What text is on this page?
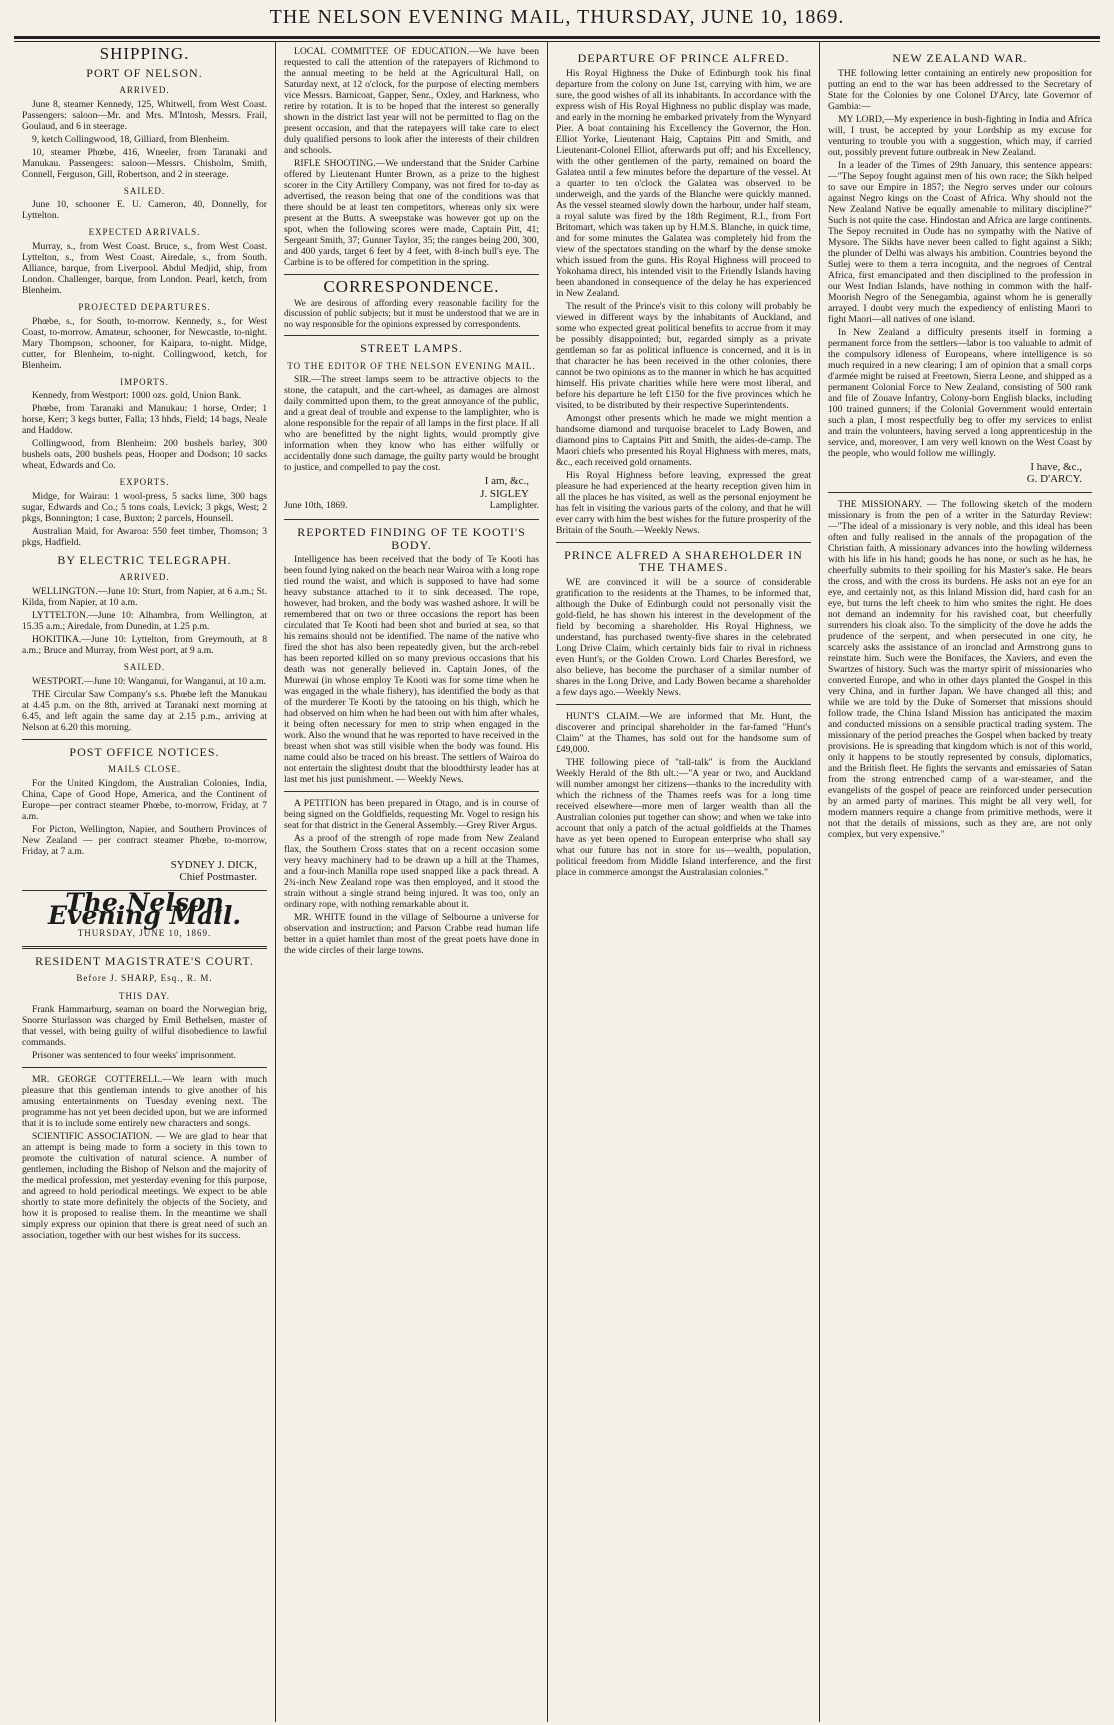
THE NELSON EVENING MAIL, THURSDAY, JUNE 10, 1869.
SHIPPING.
PORT OF NELSON.
ARRIVED.

June 8, steamer Kennedy, 125, Whitwell, from West Coast. Passengers: saloon—Mr. and Mrs. M'Intosh, Messrs. Frail, Goulaud, and 6 in steerage.

9, ketch Collingwood, 18, Gilliard, from Blenheim.

10, steamer Phœbe, 416, Wneeler, from Taranaki and Manukau. Passengers: saloon—Messrs. Chisholm, Smith, Connell, Ferguson, Gill, Robertson, and 2 in steerage.

SAILED.

June 10, schooner E. U. Cameron, 40, Donnelly, for Lyttelton.

EXPECTED ARRIVALS.

Murray, s., from West Coast. Bruce, s., from West Coast. Lyttelton, s., from West Coast. Airedale, s., from South. Alliance, barque, from Liverpool. Abdul Medjid, ship, from London. Challenger, barque, from London. Pearl, ketch, from Blenheim.

PROJECTED DEPARTURES.

Phœbe, s., for South, to-morrow. Kennedy, s., for West Coast, to-morrow. Amateur, schooner, for Newcastle, to-night. Mary Thompson, schooner, for Kaipara, to-night. Midge, cutter, for Blenheim, to-night. Collingwood, ketch, for Blenheim.

IMPORTS.

Kennedy, from Westport: 1000 ozs. gold, Union Bank.

Phœbe, from Taranaki and Manukau: 1 horse, Order; 1 horse, Kerr; 3 kegs butter, Falla; 13 hhds, Field; 14 bags, Neale and Haddow.

Collingwood, from Blenheim: 200 bushels barley, 300 bushels oats, 200 bushels peas, Hooper and Dodson; 10 sacks wheat, Edwards and Co.

EXPORTS.

Midge, for Wairau: 1 wool-press, 5 sacks lime, 300 bags sugar, Edwards and Co.; 5 tons coals, Levick; 3 pkgs, West; 2 pkgs, Bonnington; 1 case, Buxton; 2 parcels, Hounsell.

Australian Maid, for Awaroa: 550 feet timber, Thomson; 3 pkgs, Hadfield.

BY ELECTRIC TELEGRAPH.
ARRIVED.

WELLINGTON.—June 10: Sturt, from Napier, at 6 a.m.; St. Kilda, from Napier, at 10 a.m.

LYTTELTON.—June 10: Alhambra, from Wellington, at 15.35 a.m.; Airedale, from Dunedin, at 1.25 p.m.

HOKITIKA.—June 10: Lyttelton, from Greymouth, at 8 a.m.; Bruce and Murray, from West port, at 9 a.m.

SAILED.

WESTPORT.—June 10: Wanganui, for Wanganui, at 10 a.m.

THE Circular Saw Company's s.s. Phœbe left the Manukau at 4.45 p.m. on the 8th, arrived at Taranaki next morning at 6.45, and left again the same day at 2.15 p.m., arriving at Nelson at 6.20 this morning.

POST OFFICE NOTICES.
MAILS CLOSE.

For the United Kingdom, the Australian Colonies, India, China, Cape of Good Hope, America, and the Continent of Europe—per contract steamer Phœbe, to-morrow, Friday, at 7 a.m.

For Picton, Wellington, Napier, and Southern Provinces of New Zealand — per contract steamer Phœbe, to-morrow, Friday, at 7 a.m.

SYDNEY J. DICK,
Chief Postmaster.
The Nelson Evening Mail.
THURSDAY, JUNE 10, 1869.
RESIDENT MAGISTRATE'S COURT.
Before J. SHARP, Esq., R. M.
THIS DAY.

Frank Hammarburg, seaman on board the Norwegian brig, Snorre Sturlasson was charged by Emil Bethelsen, master of that vessel, with being guilty of wilful disobedience to lawful commands.

Prisoner was sentenced to four weeks' imprisonment.

MR. GEORGE COTTERELL.—We learn with much pleasure that this gentleman intends to give another of his amusing entertainments on Tuesday evening next. The programme has not yet been decided upon, but we are informed that it is to include some entirely new characters and songs.

SCIENTIFIC ASSOCIATION. — We are glad to hear that an attempt is being made to form a society in this town to promote the cultivation of natural science. A number of gentlemen, including the Bishop of Nelson and the majority of the medical profession, met yesterday evening for this purpose, and agreed to hold periodical meetings. We expect to be able shortly to state more definitely the objects of the Society, and how it is proposed to realise them. In the meantime we shall simply express our opinion that there is great need of such an association, together with our best wishes for its success.

LOCAL COMMITTEE OF EDUCATION.—We have been requested to call the attention of the ratepayers of Richmond to the annual meeting to be held at the Agricultural Hall, on Saturday next, at 12 o'clock, for the purpose of electing members vice Messrs. Barnicoat, Gapper, Senr., Oxley, and Harkness, who retire by rotation. It is to be hoped that the interest so generally shown in the district last year will not be permitted to flag on the present occasion, and that the ratepayers will take care to elect duly qualified persons to look after the interests of their children and schools.

RIFLE SHOOTING.—We understand that the Snider Carbine offered by Lieutenant Hunter Brown, as a prize to the highest scorer in the City Artillery Company, was not fired for to-day as advertised, the reason being that one of the conditions was that there should be at least ten competitors, whereas only six were present at the Butts. A sweepstake was however got up on the spot, when the following scores were made, Captain Pitt, 41; Sergeant Smith, 37; Gunner Taylor, 35; the ranges being 200, 300, and 400 yards, target 6 feet by 4 feet, with 8-inch bull's eye. The Carbine is to be offered for competition in the spring.

CORRESPONDENCE.

We are desirous of affording every reasonable facility for the discussion of public subjects; but it must be understood that we are in no way responsible for the opinions expressed by correspondents.

STREET LAMPS.
TO THE EDITOR OF THE NELSON EVENING MAIL.

SIR.—The street lamps seem to be attractive objects to the stone, the catapult, and the cart-wheel, as damages are almost daily committed upon them, to the great annoyance of the public, and a great deal of trouble and expense to the lamplighter, who is alone responsible for the repair of all lamps in the first place. If all who are benefitted by the night lights, would promptly give information when they know who has either wilfully or accidentally done such damage, the guilty party would be brought to justice, and compelled to pay the cost.

I am, &c.,
J. SIGLEY
June 10th, 1869.	Lamplighter.
REPORTED FINDING OF TE KOOTI'S BODY.

Intelligence has been received that the body of Te Kooti has been found lying naked on the beach near Wairoa with a long rope tied round the waist, and which is supposed to have had some heavy substance attached to it to sink deceased. The rope, however, had broken, and the body was washed ashore. It will be remembered that on two or three occasions the report has been circulated that Te Kooti had been shot and buried at sea, so that his remains should not be identified. The name of the native who fired the shot has also been repeatedly given, but the arch-rebel has been reported killed on so many previous occasions that his death was not generally believed in. Captain Jones, of the Murewai (in whose employ Te Kooti was for some time when he was engaged in the whale fishery), has identified the body as that of the murderer Te Kooti by the tatooing on his thigh, which he had observed on him when he had been out with him after whales, it being often necessary for men to strip when engaged in the work. Also the wound that he was reported to have received in the breast when shot was still visible when the body was found. His name could also be traced on his breast. The settlers of Wairoa do not entertain the slightest doubt that the bloodthirsty leader has at last met his just punishment. — Weekly News.

A PETITION has been prepared in Otago, and is in course of being signed on the Goldfields, requesting Mr. Vogel to resign his seat for that district in the General Assembly.—Grey River Argus.

As a proof of the strength of rope made from New Zealand flax, the Southern Cross states that on a recent occasion some very heavy machinery had to be drawn up a hill at the Thames, and a four-inch Manilla rope used snapped like a pack thread. A 2¾-inch New Zealand rope was then employed, and it stood the strain without a single strand being injured. It was too, only an ordinary rope, with nothing remarkable about it.

MR. WHITE found in the village of Selbourne a universe for observation and instruction; and Parson Crabbe read human life better in a quiet hamlet than most of the great poets have done in the wide circles of their large towns.

DEPARTURE OF PRINCE ALFRED.

His Royal Highness the Duke of Edinburgh took his final departure from the colony on June 1st, carrying with him, we are sure, the good wishes of all its inhabitants. In accordance with the express wish of His Royal Highness no public display was made, and early in the morning he embarked privately from the Wynyard Pier. A boat containing his Excellency the Governor, the Hon. Elliot Yorke, Lieutenant Haig, Captains Pitt and Smith, and Lieutenant-Colonel Elliot, afterwards put off; and his Excellency, with the other gentlemen of the party, remained on board the Galatea until a few minutes before the departure of the vessel. At a quarter to ten o'clock the Galatea was observed to be underweigh, and the yards of the Blanche were quickly manned. As the vessel steamed slowly down the harbour, under half steam, a royal salute was fired by the 18th Regiment, R.I., from Fort Britomart, which was taken up by H.M.S. Blanche, in quick time, and for some minutes the Galatea was completely hid from the view of the spectators standing on the wharf by the dense smoke which issued from the guns. His Royal Highness will proceed to Yokohama direct, his intended visit to the Friendly Islands having been abandoned in consequence of the delay he has experienced in New Zealand.

The result of the Prince's visit to this colony will probably be viewed in different ways by the inhabitants of Auckland, and some who expected great political benefits to accrue from it may be possibly disappointed; but, regarded simply as a private gentleman so far as political influence is concerned, and it is in that character he has been received in the other colonies, there cannot be two opinions as to the manner in which he has acquitted himself. His private charities while here were most liberal, and before his departure he left £150 for the five provinces which he visited, to be distributed by their respective Superintendents.

Amongst other presents which he made we might mention a handsome diamond and turquoise bracelet to Lady Bowen, and diamond pins to Captains Pitt and Smith, the aides-de-camp. The Maori chiefs who presented his Royal Highness with meres, mats, &c., each received gold ornaments.

His Royal Highness before leaving, expressed the great pleasure he had experienced at the hearty reception given him in all the places he has visited, as well as the personal enjoyment he has felt in visiting the various parts of the colony, and that he will ever carry with him the best wishes for the future prosperity of the Britain of the South.—Weekly News.

PRINCE ALFRED A SHAREHOLDER IN THE THAMES.

WE are convinced it will be a source of considerable gratification to the residents at the Thames, to be informed that, although the Duke of Edinburgh could not personally visit the gold-field, he has shown his interest in the development of the field by becoming a shareholder. His Royal Highness, we understand, has purchased twenty-five shares in the celebrated Long Drive Claim, which certainly bids fair to rival in richness even Hunt's, or the Golden Crown. Lord Charles Beresford, we also believe, has become the purchaser of a similar number of shares in the Long Drive, and Lady Bowen became a shareholder a few days ago.—Weekly News.

HUNT'S CLAIM.—We are informed that Mr. Hunt, the discoverer and principal shareholder in the far-famed "Hunt's Claim" at the Thames, has sold out for the handsome sum of £49,000.

THE following piece of "tall-talk" is from the Auckland Weekly Herald of the 8th ult.:—"A year or two, and Auckland will number amongst her citizens—thanks to the incredulity with which the richness of the Thames reefs was for a long time received elsewhere—more men of larger wealth than all the Australian colonies put together can show; and when we take into account that only a patch of the actual goldfields at the Thames have as yet been opened to European enterprise who shall say what our future has not in store for us—wealth, population, political freedom from Middle Island interference, and the first place in commerce amongst the Australasian colonies."

NEW ZEALAND WAR.

THE following letter containing an entirely new proposition for putting an end to the war has been addressed to the Secretary of State for the Colonies by one Colonel D'Arcy, late Governor of Gambia:—

MY LORD,—My experience in bush-fighting in India and Africa will, I trust, be accepted by your Lordship as my excuse for venturing to trouble you with a suggestion, which may, if carried out, possibly prevent future outbreak in New Zealand.

In a leader of the Times of 29th January, this sentence appears:—"The Sepoy fought against men of his own race; the Sikh helped to save our Empire in 1857; the Negro serves under our colours against Negro kings on the Coast of Africa. Why should not the New Zealand Native be equally amenable to military discipline?" Such is not quite the case. Hindostan and Africa are large continents. The Sepoy recruited in Oude has no sympathy with the Native of Mysore. The Sikhs have never been called to fight against a Sikh; the plunder of Delhi was always his ambition. Countries beyond the Sutlej were to them a terra incognita, and the negroes of Central Africa, first emancipated and then disciplined to the profession in our West Indian Islands, have nothing in common with the half-Moorish Negro of the Senegambia, against whom he is generally arrayed. I doubt very much the expediency of enlisting Maori to fight Maori—all natives of one island.

In New Zealand a difficulty presents itself in forming a permanent force from the settlers—labor is too valuable to admit of the compulsory idleness of Europeans, where intelligence is so much required in a new clearing; I am of opinion that a small corps d'armée might be raised at Freetown, Sierra Leone, and shipped as a permanent Colonial Force to New Zealand, consisting of 500 rank and file of Zouave Infantry, Colony-born English blacks, including 100 trained gunners; if the Colonial Government would entertain such a plan, I most respectfully beg to offer my services to enlist and train the volunteers, having served a long apprenticeship in the service, and, moreover, I am very well known on the West Coast by the people, who would follow me willingly.

I have, &c.,
G. D'ARCY.

THE MISSIONARY. — The following sketch of the modern missionary is from the pen of a writer in the Saturday Review:—"The ideal of a missionary is very noble, and this ideal has been often and fully realised in the annals of the propagation of the Christian faith. A missionary advances into the howling wilderness with his life in his hand; goods he has none, or such as he has, he cheerfully submits to their spoiling for his Master's sake. He bears the cross, and with the cross its burdens. He asks not an eye for an eye, and certainly not, as this Inland Mission did, hard cash for an eye, but turns the left cheek to him who smites the right. He does not demand an indemnity for his ravished coat, but cheerfully surrenders his cloak also. To the simplicity of the dove he adds the prudence of the serpent, and when persecuted in one city, he scarcely asks the assistance of an ironclad and Armstrong guns to reinstate him. Such were the Bonifaces, the Xaviers, and even the Swartzes of history. Such was the martyr spirit of missionaries who converted Europe, and who in other days planted the Gospel in this very China, and in further Japan. We have changed all this; and while we are told by the Duke of Somerset that missions should follow trade, the China Island Mission has anticipated the maxim and conducted missions on a sensible practical trading system. The missionary of the period preaches the Gospel when backed by treaty provisions. He is spreading that kingdom which is not of this world, only it happens to be stoutly represented by consuls, diplomatics, and the British fleet. He fights the servants and emissaries of Satan from the strong entrenched camp of a war-steamer, and the evangelists of the gospel of peace are reinforced under persecution by an armed party of marines. This might be all very well, for modern manners require a change from primitive methods, were it not that the details of missions, such as they are, are not only complex, but very expensive."
